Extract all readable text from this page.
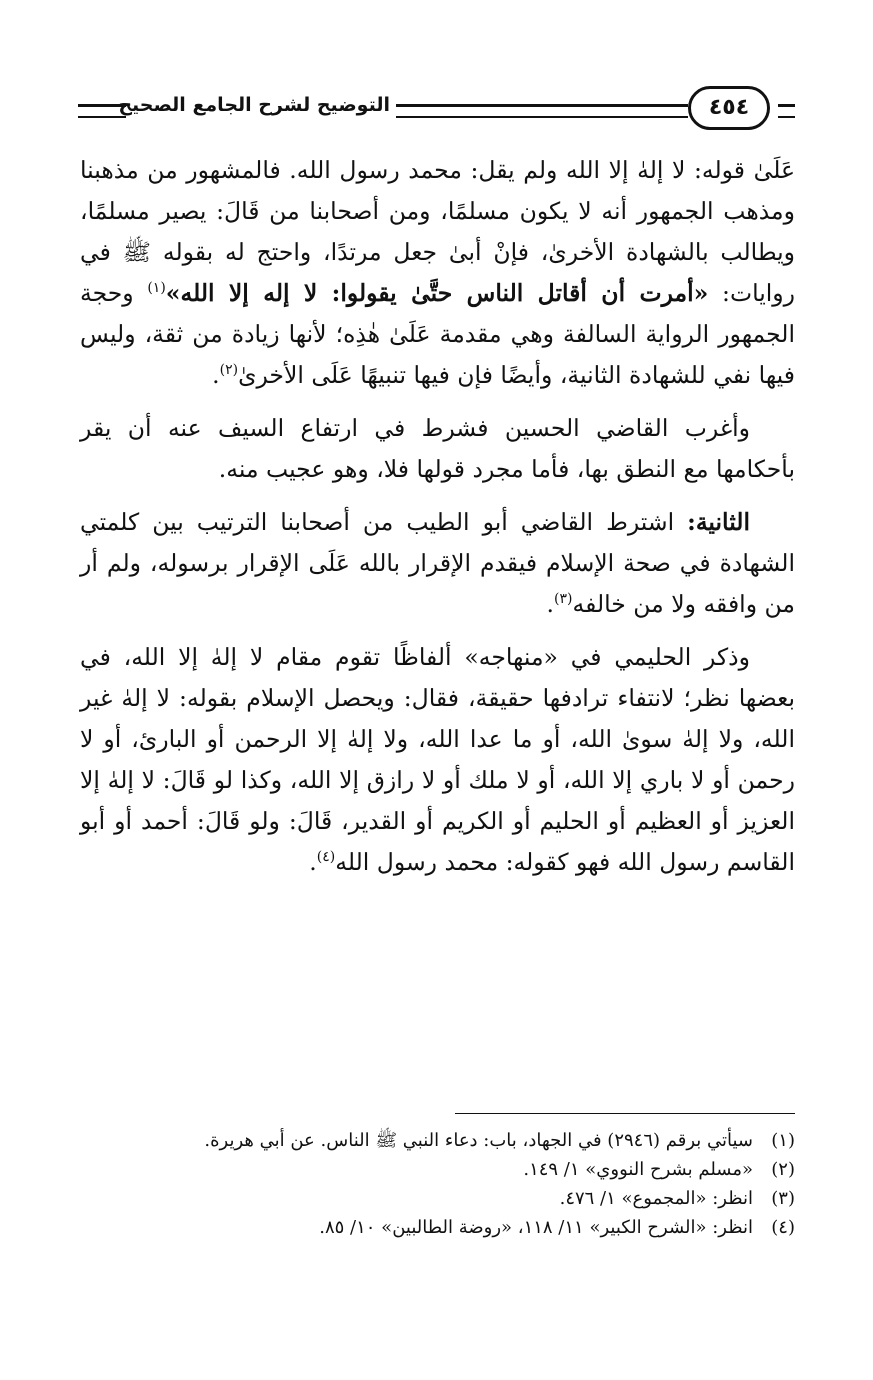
التوضيح لشرح الجامع الصحيح	٤٥٤

عَلَىٰ قوله: لا إلهٰ إلا الله ولم يقل: محمد رسول الله. فالمشهور من مذهبنا ومذهب الجمهور أنه لا يكون مسلمًا، ومن أصحابنا من قَالَ: يصير مسلمًا، ويطالب بالشهادة الأخرىٰ، فإنْ أبىٰ جعل مرتدًا، واحتج له بقوله ﷺ في روايات: «أمرت أن أقاتل الناس حتَّىٰ يقولوا: لا إله إلا الله»$^{(١)}$ وحجة الجمهور الرواية السالفة وهي مقدمة عَلَىٰ هٰذِه؛ لأنها زيادة من ثقة، وليس فيها نفي للشهادة الثانية، وأيضًا فإن فيها تنبيهًا عَلَى الأخرىٰ$^{(٢)}$.

وأغرب القاضي الحسين فشرط في ارتفاع السيف عنه أن يقر بأحكامها مع النطق بها، فأما مجرد قولها فلا، وهو عجيب منه.

الثانية: اشترط القاضي أبو الطيب من أصحابنا الترتيب بين كلمتي الشهادة في صحة الإسلام فيقدم الإقرار بالله عَلَى الإقرار برسوله، ولم أر من وافقه ولا من خالفه$^{(٣)}$.

وذكر الحليمي في «منهاجه» ألفاظًا تقوم مقام لا إلهٰ إلا الله، في بعضها نظر؛ لانتفاء ترادفها حقيقة، فقال: ويحصل الإسلام بقوله: لا إلهٰ غير الله، ولا إلهٰ سوىٰ الله، أو ما عدا الله، ولا إلهٰ إلا الرحمن أو البارئ، أو لا رحمن أو لا باري إلا الله، أو لا ملك أو لا رازق إلا الله، وكذا لو قَالَ: لا إلهٰ إلا العزيز أو العظيم أو الحليم أو الكريم أو القدير، قَالَ: ولو قَالَ: أحمد أو أبو القاسم رسول الله فهو كقوله: محمد رسول الله$^{(٤)}$.

(١)سيأتي برقم (٢٩٤٦) في الجهاد، باب: دعاء النبي ﷺ الناس. عن أبي هريرة.
(٢)«مسلم بشرح النووي» ١/ ١٤٩.
(٣)انظر: «المجموع» ١/ ٤٧٦.
(٤)انظر: «الشرح الكبير» ١١/ ١١٨، «روضة الطالبين» ١٠/ ٨٥.
